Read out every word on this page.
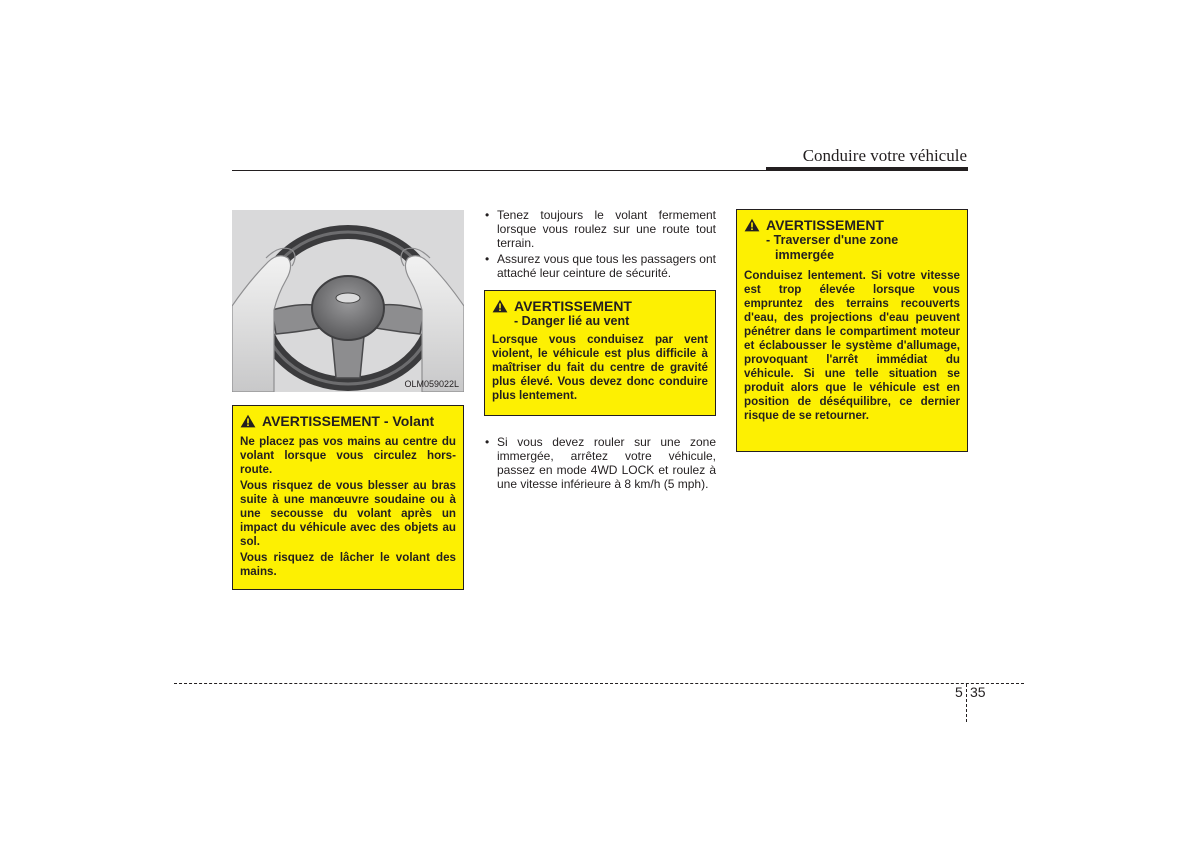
Conduire votre véhicule
OLM059022L
AVERTISSEMENT - Volant

Ne placez pas vos mains au centre du volant lorsque vous circulez hors-route.

Vous risquez de vous blesser au bras suite à une manœuvre soudaine ou à une secousse du volant après un impact du véhicule avec des objets au sol.

Vous risquez de lâcher le volant des mains.

• Tenez toujours le volant fermement lorsque vous roulez sur une route tout terrain.
• Assurez vous que tous les passagers ont attaché leur ceinture de sécurité.
AVERTISSEMENT
- Danger lié au vent

Lorsque vous conduisez par vent violent, le véhicule est plus difficile à maîtriser du fait du centre de gravité plus élevé. Vous devez donc conduire plus lentement.

• Si vous devez rouler sur une zone immergée, arrêtez votre véhicule, passez en mode 4WD LOCK et roulez à une vitesse inférieure à 8 km/h (5 mph).
AVERTISSEMENT
- Traverser d'une zone
immergée

Conduisez lentement. Si votre vitesse est trop élevée lorsque vous empruntez des terrains recouverts d'eau, des projections d'eau peuvent pénétrer dans le compartiment moteur et éclabousser le système d'allumage, provoquant l'arrêt immédiat du véhicule. Si une telle situation se produit alors que le véhicule est en position de déséquilibre, ce dernier risque de se retourner.

5 35
